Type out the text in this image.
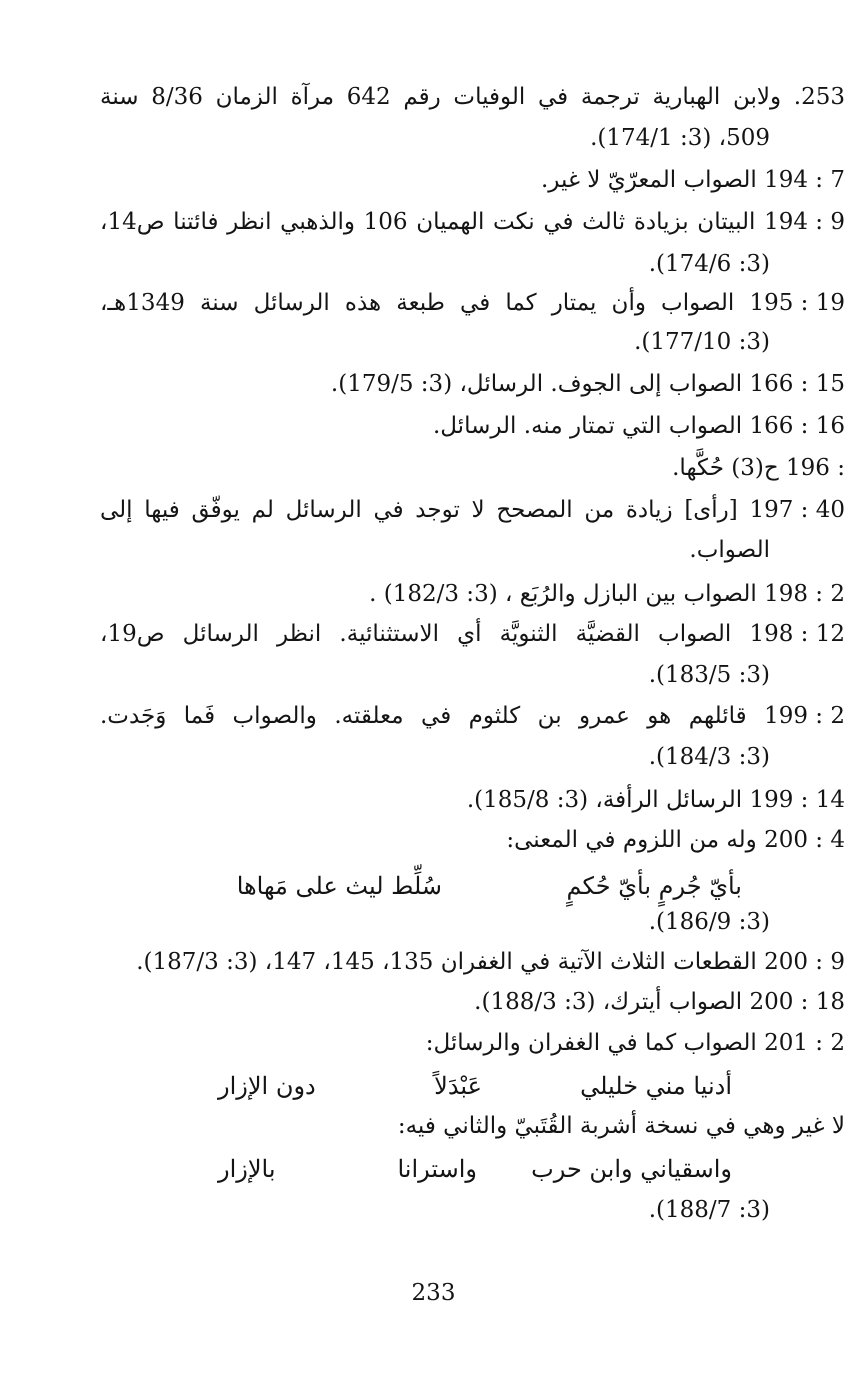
253. ولابن الهبارية ترجمة في الوفيات رقم 642 مرآة الزمان 8/36 سنة
509، (3: 174/1).
194 : 7 الصواب المعرّيّ لا غير.
194 : 9 البيتان بزيادة ثالث في نكت الهميان 106 والذهبي انظر فائتنا ص14،
(3: 174/6).
195 : 19 الصواب وأن يمتار كما في طبعة هذه الرسائل سنة 1349هـ،
(3: 177/10).
166 : 15 الصواب إلى الجوف. الرسائل، (3: 179/5).
166 : 16 الصواب التي تمتار منه. الرسائل.
196 : ح(3) حُكَّها.
197 : 40 [رأى] زيادة من المصحح لا توجد في الرسائل لم يوفّق فيها إلى
الصواب.
198 : 2 الصواب بين البازل والرُبَع ، (3: 182/3) .
198 : 12 الصواب القضيَّة الثنويَّة أي الاستثنائية. انظر الرسائل ص19،
(3: 183/5).
199 : 2 قائلهم هو عمرو بن كلثوم في معلقته. والصواب فَما وَجَدت.
(3: 184/3).
199 : 14 الرسائل الرأفة، (3: 185/8).
200 : 4 وله من اللزوم في المعنى:
بأيّ جُرمٍ بأيّ حُكمٍ
سُلِّط ليث على مَهاها
(3: 186/9).
200 : 9 القطعات الثلاث الآتية في الغفران 135، 145، 147، (3: 187/3).
200 : 18 الصواب أيترك، (3: 188/3).
201 : 2 الصواب كما في الغفران والرسائل:
أدنيا مني خليلي
عَبْدَلاً
دون الإزار
لا غير وهي في نسخة أشربة القُتَبيّ والثاني فيه:
واسقياني وابن حرب
واسترانا
بالإزار
(3: 188/7).
233
